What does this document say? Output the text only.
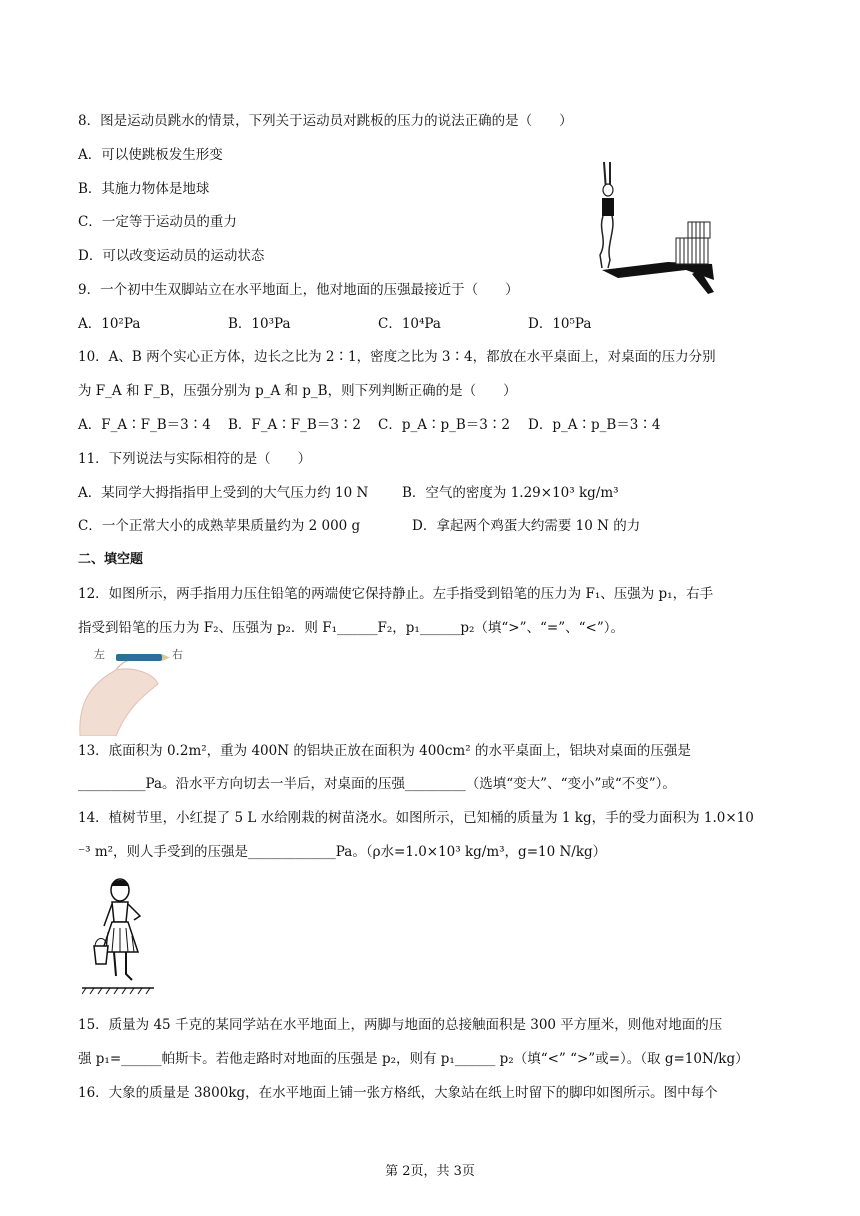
8．图是运动员跳水的情景，下列关于运动员对跳板的压力的说法正确的是（　　）
A．可以使跳板发生形变
B．其施力物体是地球
C．一定等于运动员的重力
D．可以改变运动员的运动状态
9．一个初中生双脚站立在水平地面上，他对地面的压强最接近于（　　）
A．10²Pa	B．10³Pa	C．10⁴Pa	D．10⁵Pa
10．A、B 两个实心正方体，边长之比为 2∶1，密度之比为 3∶4，都放在水平桌面上，对桌面的压力分别
为 F_A 和 F_B，压强分别为 p_A 和 p_B，则下列判断正确的是（　　）
A．F_A∶F_B＝3∶4 B．F_A∶F_B＝3∶2 C．p_A∶p_B＝3∶2 D．p_A∶p_B＝3∶4
11．下列说法与实际相符的是（　　）
A．某同学大拇指指甲上受到的大气压力约 10 N B．空气的密度为 1.29×10³ kg/m³
C．一个正常大小的成熟苹果质量约为 2 000 g	D．拿起两个鸡蛋大约需要 10 N 的力
二、填空题
12．如图所示，两手指用力压住铅笔的两端使它保持静止。左手指受到铅笔的压力为 F₁、压强为 p₁，右手
指受到铅笔的压力为 F₂、压强为 p₂．则 F₁______F₂，p₁______p₂（填“>”、“=”、“<”）。
左	右
13．底面积为 0.2m²，重为 400N 的铝块正放在面积为 400cm² 的水平桌面上，铝块对桌面的压强是
__________Pa。沿水平方向切去一半后，对桌面的压强_________（选填“变大”、“变小”或“不变”）。
14．植树节里，小红提了 5 L 水给刚栽的树苗浇水。如图所示，已知桶的质量为 1 kg，手的受力面积为 1.0×10
⁻³ m²，则人手受到的压强是_____________Pa。（ρ水=1.0×10³ kg/m³，g=10 N/kg）
15．质量为 45 千克的某同学站在水平地面上，两脚与地面的总接触面积是 300 平方厘米，则他对地面的压
强 p₁=______帕斯卡。若他走路时对地面的压强是 p₂，则有 p₁______ p₂（填“<” “>”或=）。（取 g=10N/kg）
16．大象的质量是 3800kg，在水平地面上铺一张方格纸，大象站在纸上时留下的脚印如图所示。图中每个
第 2页，共 3页
